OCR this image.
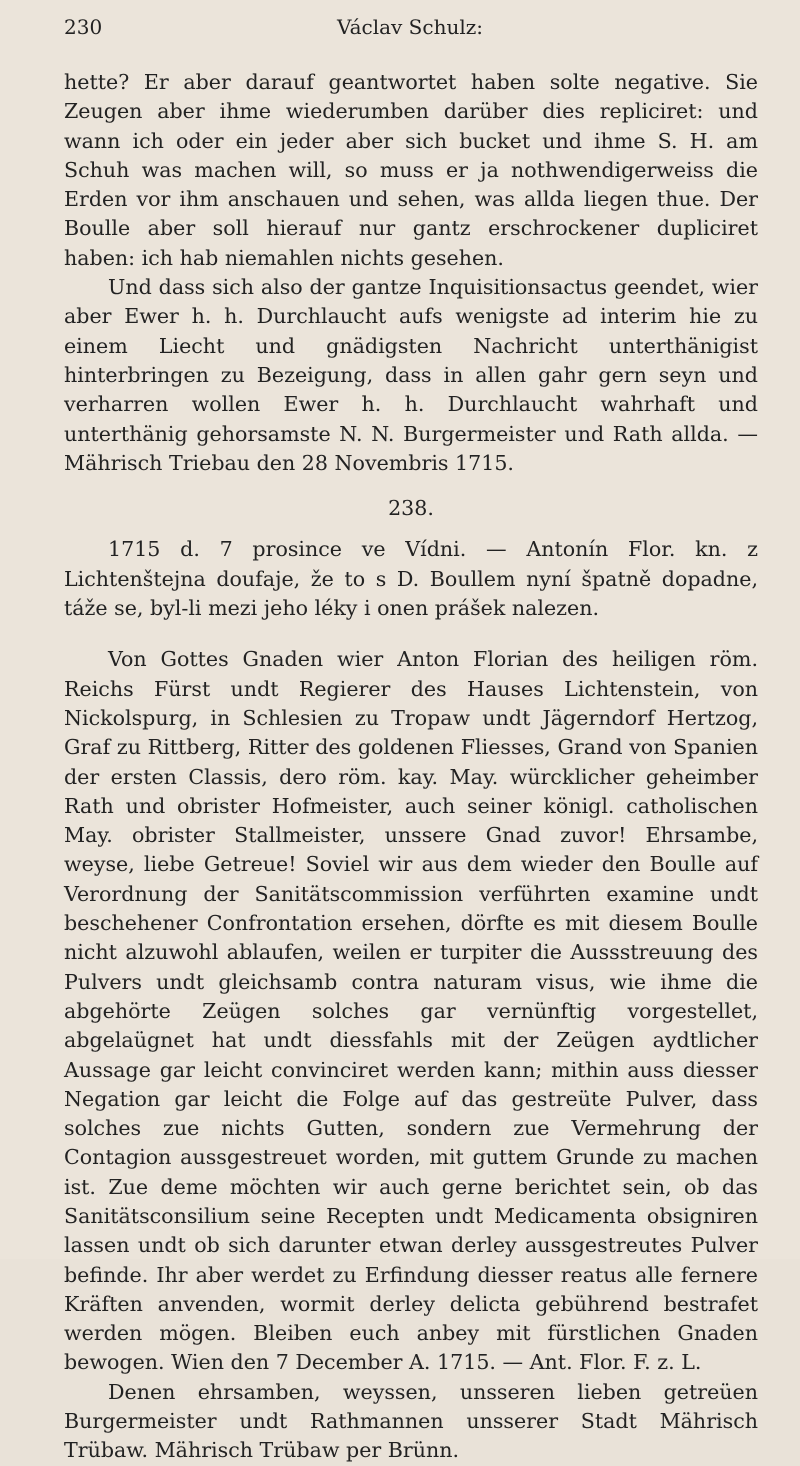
230	Václav Schulz:

hette? Er aber darauf geantwortet haben solte negative. Sie Zeugen aber ihme wiederumben darüber dies repliciret: und wann ich oder ein jeder aber sich bucket und ihme S. H. am Schuh was machen will, so muss er ja nothwendigerweiss die Erden vor ihm anschauen und sehen, was allda liegen thue. Der Boulle aber soll hierauf nur gantz erschrockener dupliciret haben: ich hab niemahlen nichts gesehen.

Und dass sich also der gantze Inquisitionsactus geendet, wier aber Ewer h. h. Durchlaucht aufs wenigste ad interim hie zu einem Liecht und gnädigsten Nachricht unterthänigist hinterbringen zu Bezeigung, dass in allen gahr gern seyn und verharren wollen Ewer h. h. Durchlaucht wahrhaft und unterthänig gehorsamste N. N. Burgermeister und Rath allda. — Mährisch Triebau den 28 Novembris 1715.

238.

1715 d. 7 prosince ve Vídni. — Antonín Flor. kn. z Lichtenštejna doufaje, že to s D. Boullem nyní špatně dopadne, táže se, byl-li mezi jeho léky i onen prášek nalezen.

Von Gottes Gnaden wier Anton Florian des heiligen röm. Reichs Fürst undt Regierer des Hauses Lichtenstein, von Nickolspurg, in Schlesien zu Tropaw undt Jägerndorf Hertzog, Graf zu Rittberg, Ritter des goldenen Fliesses, Grand von Spanien der ersten Classis, dero röm. kay. May. würcklicher geheimber Rath und obrister Hofmeister, auch seiner königl. catholischen May. obrister Stallmeister, unssere Gnad zuvor! Ehrsambe, weyse, liebe Getreue! Soviel wir aus dem wieder den Boulle auf Verordnung der Sanitätscommission verführten examine undt beschehener Confrontation ersehen, dörfte es mit diesem Boulle nicht alzuwohl ablaufen, weilen er turpiter die Aussstreuung des Pulvers undt gleichsamb contra naturam visus, wie ihme die abgehörte Zeügen solches gar vernünftig vorgestellet, abgelaügnet hat undt diessfahls mit der Zeügen aydtlicher Aussage gar leicht convinciret werden kann; mithin auss diesser Negation gar leicht die Folge auf das gestreüte Pulver, dass solches zue nichts Gutten, sondern zue Vermehrung der Contagion aussgestreuet worden, mit guttem Grunde zu machen ist. Zue deme möchten wir auch gerne berichtet sein, ob das Sanitätsconsilium seine Recepten undt Medicamenta obsigniren lassen undt ob sich darunter etwan derley aussgestreutes Pulver befinde. Ihr aber werdet zu Erfindung diesser reatus alle fernere Kräften anvenden, wormit derley delicta gebührend bestrafet werden mögen. Bleiben euch anbey mit fürstlichen Gnaden bewogen. Wien den 7 December A. 1715. — Ant. Flor. F. z. L.

Denen ehrsamben, weyssen, unsseren lieben getreüen Burgermeister undt Rathmannen unsserer Stadt Mährisch Trübaw. Mährisch Trübaw per Brünn.
